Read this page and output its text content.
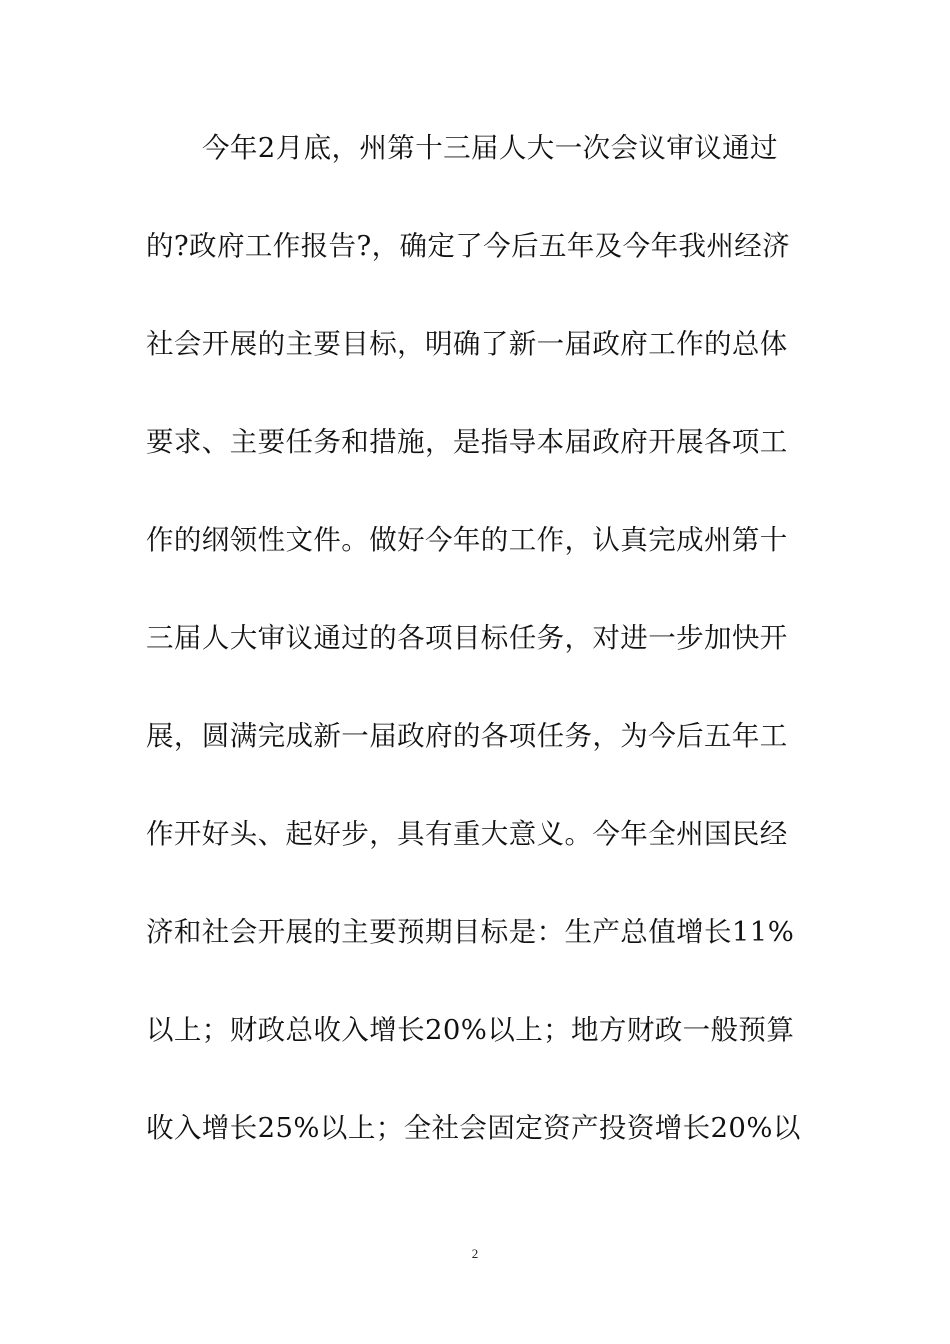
今年2月底，州第十三届人大一次会议审议通过
的?政府工作报告?，确定了今后五年及今年我州经济
社会开展的主要目标，明确了新一届政府工作的总体
要求、主要任务和措施，是指导本届政府开展各项工
作的纲领性文件。做好今年的工作，认真完成州第十
三届人大审议通过的各项目标任务，对进一步加快开
展，圆满完成新一届政府的各项任务，为今后五年工
作开好头、起好步，具有重大意义。今年全州国民经
济和社会开展的主要预期目标是：生产总值增长11%
以上；财政总收入增长20%以上；地方财政一般预算
收入增长25%以上；全社会固定资产投资增长20%以
2
